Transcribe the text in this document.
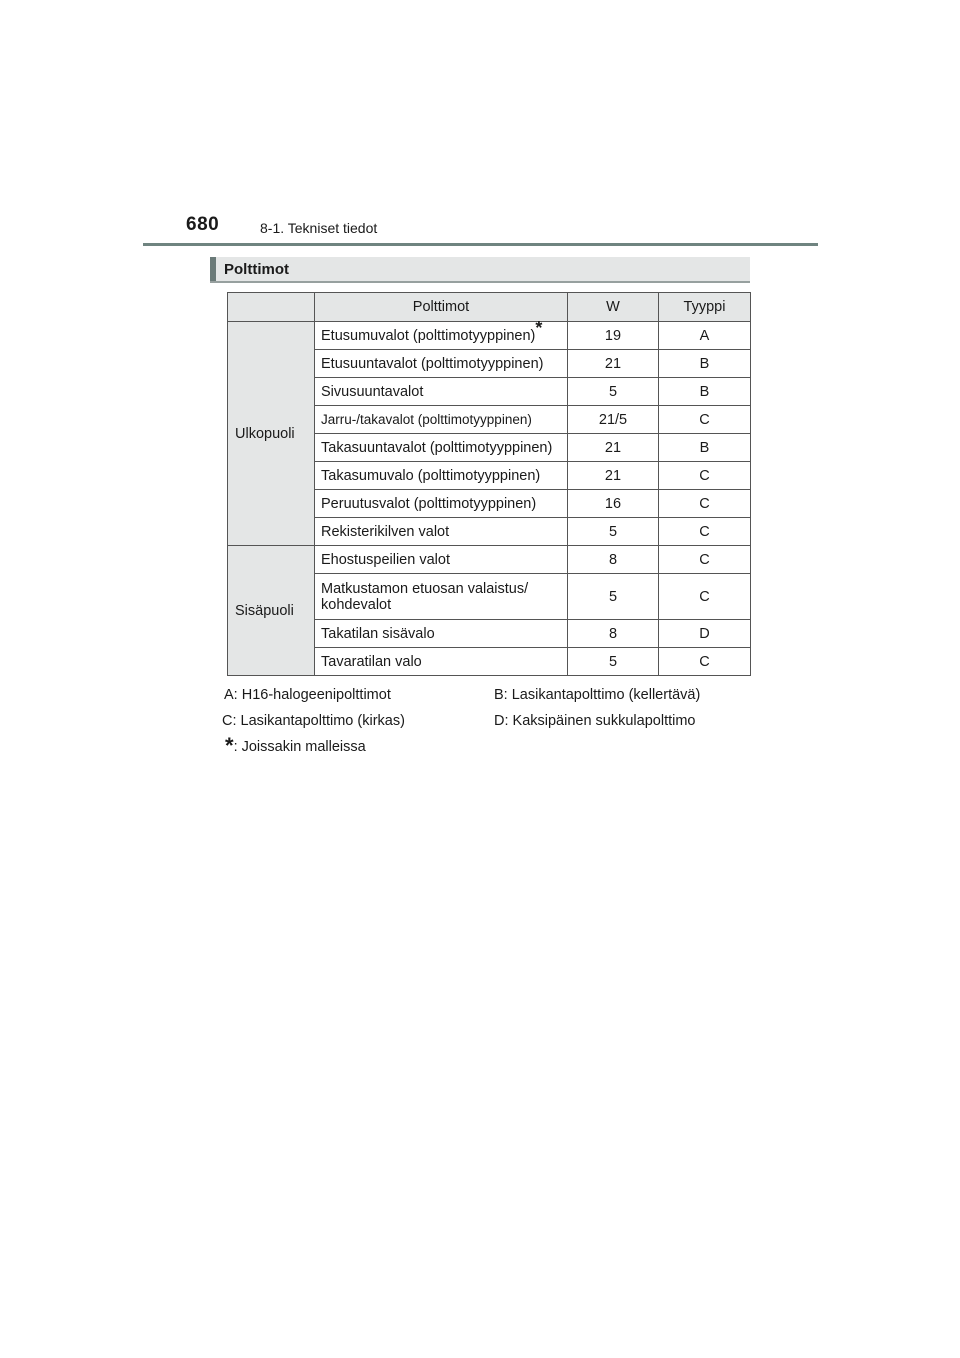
680	8-1. Tekniset tiedot
Polttimot
	Polttimot	W	Tyyppi
Ulkopuoli	Etusumuvalot (polttimotyyppinen)*	19	A
	Etusuuntavalot (polttimotyyppinen)	21	B
	Sivusuuntavalot	5	B
	Jarru-/takavalot (polttimotyyppinen)	21/5	C
	Takasuuntavalot (polttimotyyppinen)	21	B
	Takasumuvalo (polttimotyyppinen)	21	C
	Peruutusvalot (polttimotyyppinen)	16	C
	Rekisterikilven valot	5	C
Sisäpuoli	Ehostuspeilien valot	8	C
	Matkustamon etuosan valaistus/ kohdevalot	5	C
	Takatilan sisävalo	8	D
	Tavaratilan valo	5	C
A: H16-halogeenipolttimot	B: Lasikantapolttimo (kellertävä)
C: Lasikantapolttimo (kirkas)	D: Kaksipäinen sukkulapolttimo
*: Joissakin malleissa
